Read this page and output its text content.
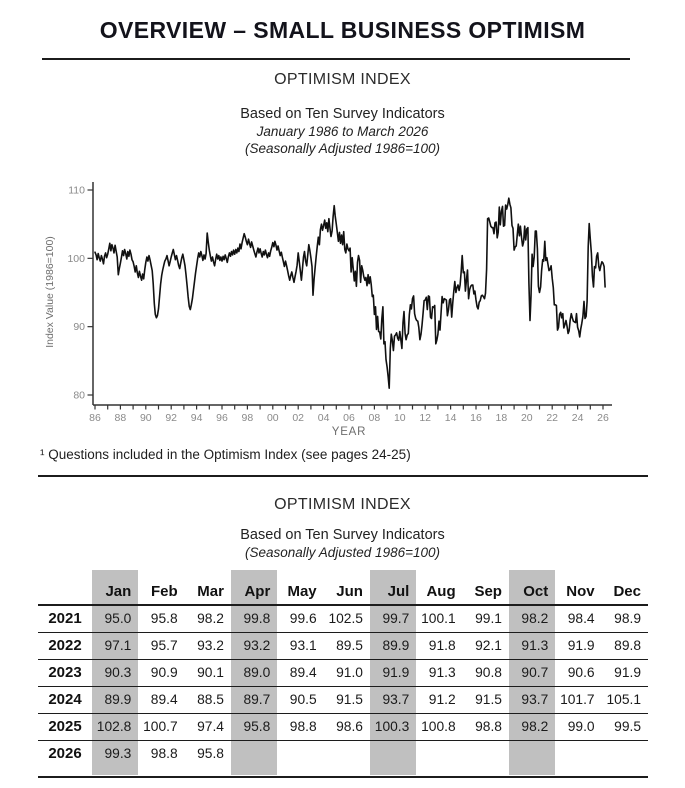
OVERVIEW – SMALL BUSINESS OPTIMISM
OPTIMISM INDEX
Based on Ten Survey Indicators
January 1986 to March 2026
(Seasonally Adjusted 1986=100)
80
90
100
110
86 88 90 92 94 96 98 00 02 04 06 08 10 12 14 16 18 20 22 24 26
YEAR
Index Value (1986=100)
¹ Questions included in the Optimism Index (see pages 24-25)
OPTIMISM INDEX
Based on Ten Survey Indicators
(Seasonally Adjusted 1986=100)
	Jan	Feb	Mar	Apr	May	Jun	Jul	Aug	Sep	Oct	Nov	Dec
2021	95.0	95.8	98.2	99.8	99.6	102.5	99.7	100.1	99.1	98.2	98.4	98.9
2022	97.1	95.7	93.2	93.2	93.1	89.5	89.9	91.8	92.1	91.3	91.9	89.8
2023	90.3	90.9	90.1	89.0	89.4	91.0	91.9	91.3	90.8	90.7	90.6	91.9
2024	89.9	89.4	88.5	89.7	90.5	91.5	93.7	91.2	91.5	93.7	101.7	105.1
2025	102.8	100.7	97.4	95.8	98.8	98.6	100.3	100.8	98.8	98.2	99.0	99.5
2026	99.3	98.8	95.8									
